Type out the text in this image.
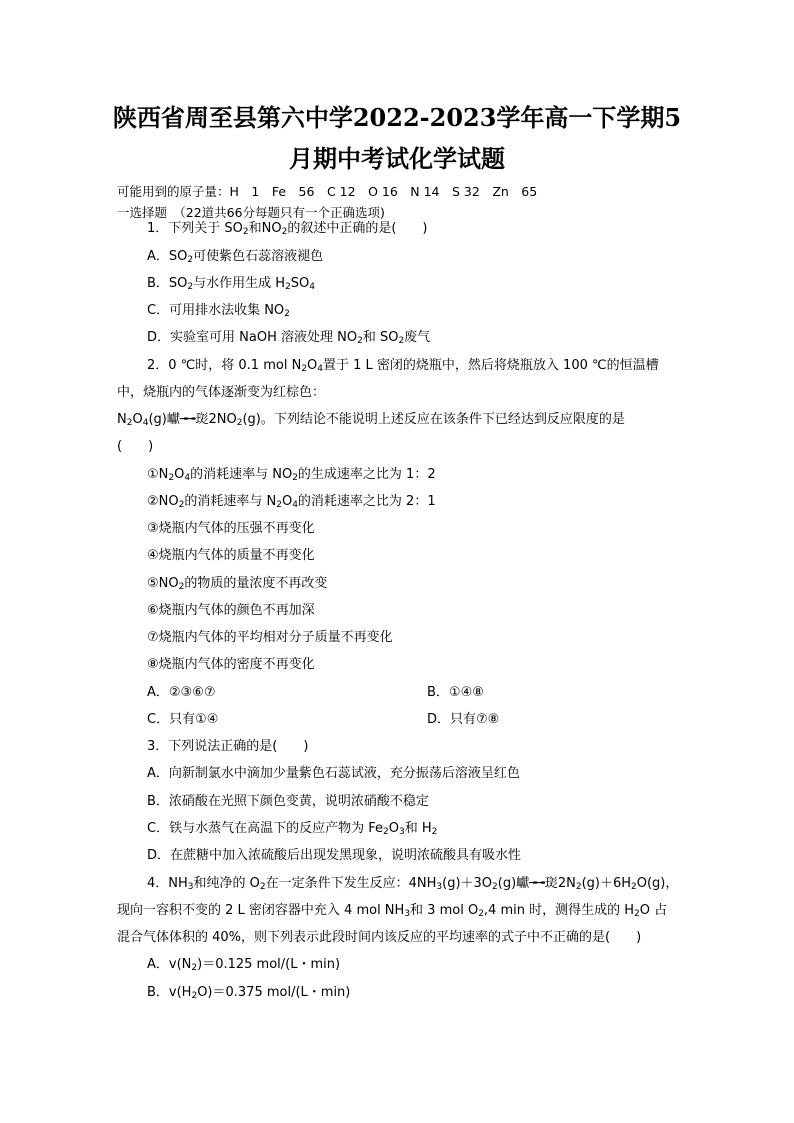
陕西省周至县第六中学2022-2023学年高一下学期5
月期中考试化学试题
可能用到的原子量：H　1　Fe　56　C 12　O 16　N 14　S 32　Zn　65
一选择题　（22道共66分每题只有一个正确选项)
1．下列关于 $SO_2$和$NO_2$的叙述中正确的是(　　)
A．$SO_2$可使紫色石蕊溶液褪色
B．$SO_2$与水作用生成 $H_2SO_4$
C．可用排水法收集 $NO_2$
D．实验室可用 NaOH 溶液处理 $NO_2$和 $SO_2$废气
2．0 ℃时，将 0.1 mol $N_2O_4$置于 1 L 密闭的烧瓶中，然后将烧瓶放入 100 ℃的恒温槽
中，烧瓶内的气体逐渐变为红棕色：
$N_2O_4(g)$巘╼╼珳$2NO_2(g)$。下列结论不能说明上述反应在该条件下已经达到反应限度的是
(　　)
$①N_2O_4$的消耗速率与 $NO_2$的生成速率之比为 1：2
$②NO_2$的消耗速率与 $N_2O_4$的消耗速率之比为 2：1
③烧瓶内气体的压强不再变化
④烧瓶内气体的质量不再变化
$⑤NO_2$的物质的量浓度不再改变
⑥烧瓶内气体的颜色不再加深
⑦烧瓶内气体的平均相对分子质量不再变化
⑧烧瓶内气体的密度不再变化
A．②③⑥⑦	B．①④⑧
C．只有①④	D．只有⑦⑧
3．下列说法正确的是(　　)
A．向新制氯水中滴加少量紫色石蕊试液，充分振荡后溶液呈红色
B．浓硝酸在光照下颜色变黄，说明浓硝酸不稳定
C．铁与水蒸气在高温下的反应产物为 $Fe_2O_3$和 $H_2$
D．在蔗糖中加入浓硫酸后出现发黑现象，说明浓硫酸具有吸水性
4．$NH_3$和纯净的 $O_2$在一定条件下发生反应：$4NH_3(g)+3O_2(g)$巘╼╼珳$2N_2(g)+6H_2O(g)$，
现向一容积不变的 2 L 密闭容器中充入 4 mol $NH_3$和 3 mol $O_2,4$ min 时，测得生成的 $H_2O$ 占
混合气体体积的 40%，则下列表示此段时间内该反应的平均速率的式子中不正确的是(　　)
A．$v(N_2)=0.125$ mol/(L・min)
B．$v(H_2O)=0.375$ mol/(L・min)
